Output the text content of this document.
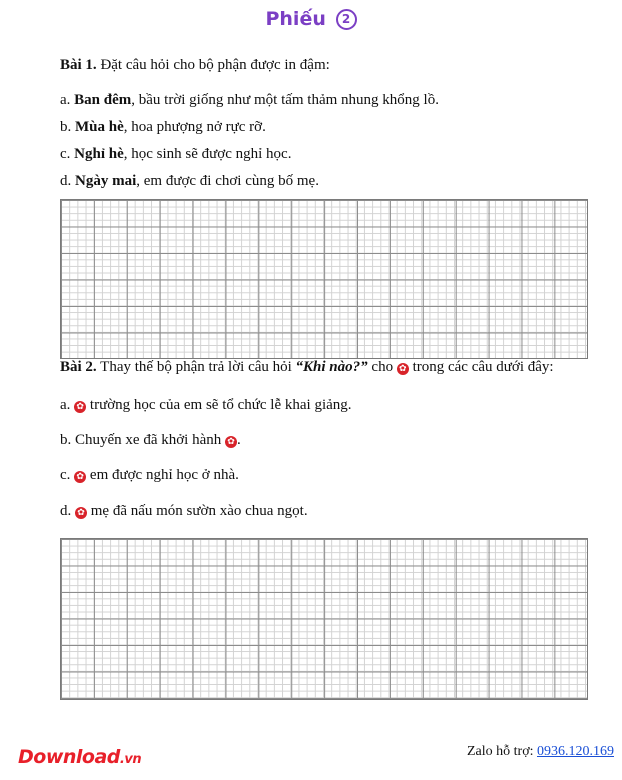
Phiếu 2
Bài 1. Đặt câu hỏi cho bộ phận được in đậm:
a. Ban đêm, bầu trời giống như một tấm thảm nhung khổng lồ.
b. Mùa hè, hoa phượng nở rực rỡ.
c. Nghỉ hè, học sinh sẽ được nghỉ học.
d. Ngày mai, em được đi chơi cùng bố mẹ.
Bài 2. Thay thế bộ phận trả lời câu hỏi “Khi nào?” cho ✿ trong các câu dưới đây:
a. ✿ trường học của em sẽ tổ chức lễ khai giảng.
b. Chuyến xe đã khởi hành ✿ .
c. ✿ em được nghỉ học ở nhà.
d. ✿ mẹ đã nấu món sườn xào chua ngọt.
Download.vn
Zalo hỗ trợ: 0936.120.169
